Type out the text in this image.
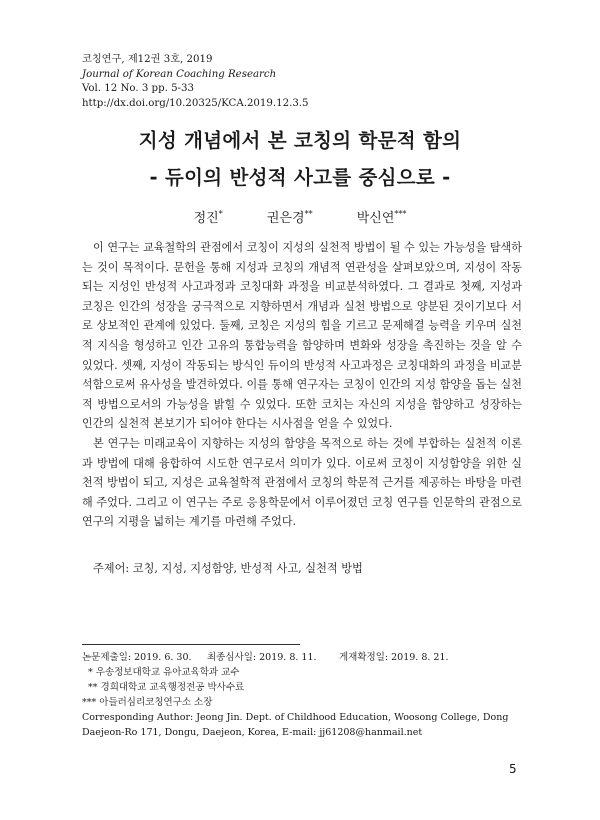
코칭연구, 제12권 3호, 2019
Journal of Korean Coaching Research
Vol. 12 No. 3 pp. 5-33
http://dx.doi.org/10.20325/KCA.2019.12.3.5
지성 개념에서 본 코칭의 학문적 함의
- 듀이의 반성적 사고를 중심으로 -
정진*	권은경**	박신연***

이 연구는 교육철학의 관점에서 코칭이 지성의 실천적 방법이 될 수 있는 가능성을 탐색하는 것이 목적이다. 문헌을 통해 지성과 코칭의 개념적 연관성을 살펴보았으며, 지성이 작동되는 지성인 반성적 사고과정과 코칭대화 과정을 비교분석하였다. 그 결과로 첫째, 지성과 코칭은 인간의 성장을 궁극적으로 지향하면서 개념과 실천 방법으로 양분된 것이기보다 서로 상보적인 관계에 있었다. 둘째, 코칭은 지성의 힘을 기르고 문제해결 능력을 키우며 실천적 지식을 형성하고 인간 고유의 통합능력을 함양하며 변화와 성장을 촉진하는 것을 알 수 있었다. 셋째, 지성이 작동되는 방식인 듀이의 반성적 사고과정은 코칭대화의 과정을 비교분석함으로써 유사성을 발견하였다. 이를 통해 연구자는 코칭이 인간의 지성 함양을 돕는 실천적 방법으로서의 가능성을 밝힐 수 있었다. 또한 코치는 자신의 지성을 함양하고 성장하는 인간의 실천적 본보기가 되어야 한다는 시사점을 얻을 수 있었다.

본 연구는 미래교육이 지향하는 지성의 함양을 목적으로 하는 것에 부합하는 실천적 이론과 방법에 대해 융합하여 시도한 연구로서 의미가 있다. 이로써 코칭이 지성함양을 위한 실천적 방법이 되고, 지성은 교육철학적 관점에서 코칭의 학문적 근거를 제공하는 바탕을 마련해 주었다. 그리고 이 연구는 주로 응용학문에서 이루어졌던 코칭 연구를 인문학의 관점으로 연구의 지평을 넓히는 계기를 마련해 주었다.

주제어: 코칭, 지성, 지성함양, 반성적 사고, 실천적 방법
논문제출일: 2019. 6. 30. 최종심사일: 2019. 8. 11. 게재확정일: 2019. 8. 21.
* 우송정보대학교 유아교육학과 교수
** 경희대학교 교육행정전공 박사수료
*** 아들러심리코칭연구소 소장
Corresponding Author: Jeong Jin. Dept. of Childhood Education, Woosong College, Dong Daejeon-Ro 171, Dongu, Daejeon, Korea, E-mail: jj61208@hanmail.net
5
